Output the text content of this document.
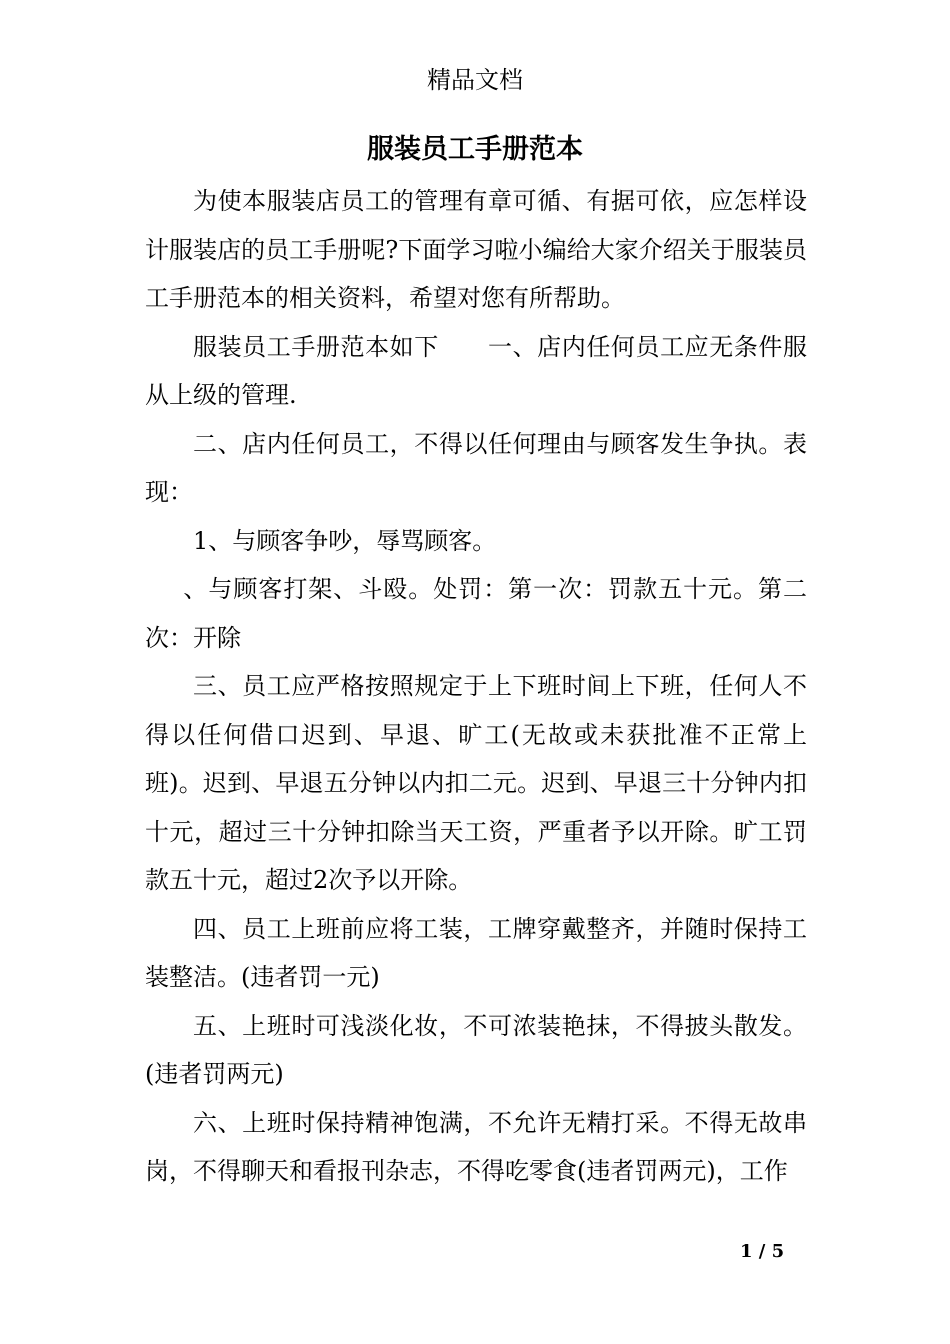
精品文档
服装员工手册范本

为使本服装店员工的管理有章可循、有据可依，应怎样设计服装店的员工手册呢?下面学习啦小编给大家介绍关于服装员工手册范本的相关资料，希望对您有所帮助。

服装员工手册范本如下　　一、店内任何员工应无条件服从上级的管理.

二、店内任何员工，不得以任何理由与顾客发生争执。表现：

1、与顾客争吵，辱骂顾客。

、与顾客打架、斗殴。处罚：第一次：罚款五十元。第二次：开除

三、员工应严格按照规定于上下班时间上下班，任何人不得以任何借口迟到、早退、旷工(无故或未获批准不正常上班)。迟到、早退五分钟以内扣二元。迟到、早退三十分钟内扣十元，超过三十分钟扣除当天工资，严重者予以开除。旷工罚款五十元，超过2次予以开除。

四、员工上班前应将工装，工牌穿戴整齐，并随时保持工装整洁。(违者罚一元)

五、上班时可浅淡化妆，不可浓装艳抹，不得披头散发。(违者罚两元)

六、上班时保持精神饱满，不允许无精打采。不得无故串岗，不得聊天和看报刊杂志，不得吃零食(违者罚两元)，工作

1 / 5
